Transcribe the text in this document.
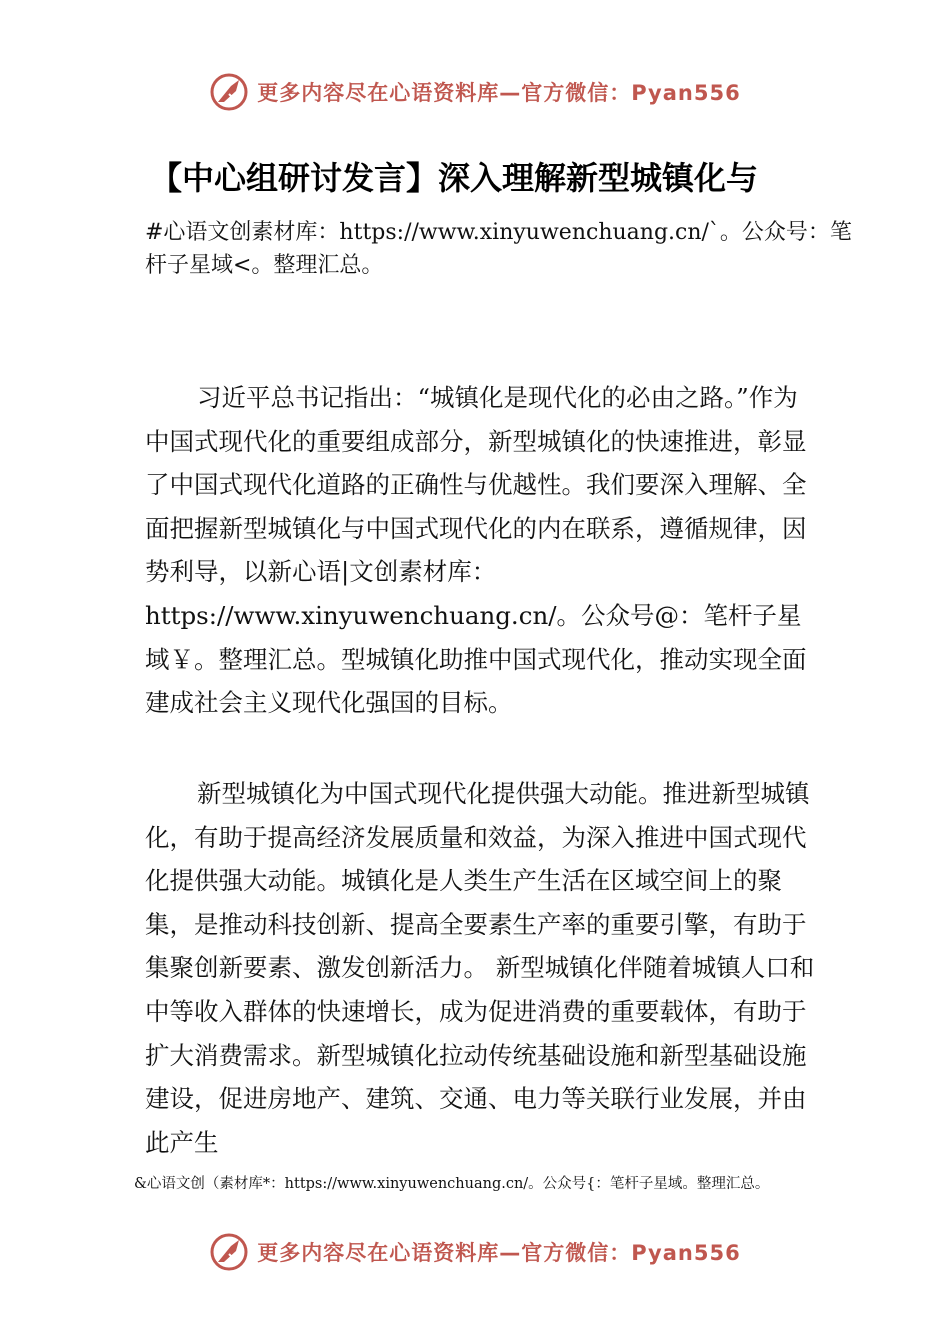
更多内容尽在心语资料库—官方微信：Pyan556
【中心组研讨发言】深入理解新型城镇化与

#心语文创素材库：https://www.xinyuwenchuang.cn/`。公众号：笔杆子星域<。整理汇总。

习近平总书记指出：“城镇化是现代化的必由之路。”作为中国式现代化的重要组成部分，新型城镇化的快速推进，彰显了中国式现代化道路的正确性与优越性。我们要深入理解、全面把握新型城镇化与中国式现代化的内在联系，遵循规律，因势利导，以新心语|文创素材库：https://www.xinyuwenchuang.cn/。公众号@：笔杆子星域￥。整理汇总。型城镇化助推中国式现代化，推动实现全面建成社会主义现代化强国的目标。

新型城镇化为中国式现代化提供强大动能。推进新型城镇化，有助于提高经济发展质量和效益，为深入推进中国式现代化提供强大动能。城镇化是人类生产生活在区域空间上的聚集，是推动科技创新、提高全要素生产率的重要引擎，有助于集聚创新要素、激发创新活力。 新型城镇化伴随着城镇人口和中等收入群体的快速增长，成为促进消费的重要载体，有助于扩大消费需求。新型城镇化拉动传统基础设施和新型基础设施建设，促进房地产、建筑、交通、电力等关联行业发展，并由此产生

&心语文创（素材库*：https://www.xinyuwenchuang.cn/。公众号{：笔杆子星域。整理汇总。

更多内容尽在心语资料库—官方微信：Pyan556
